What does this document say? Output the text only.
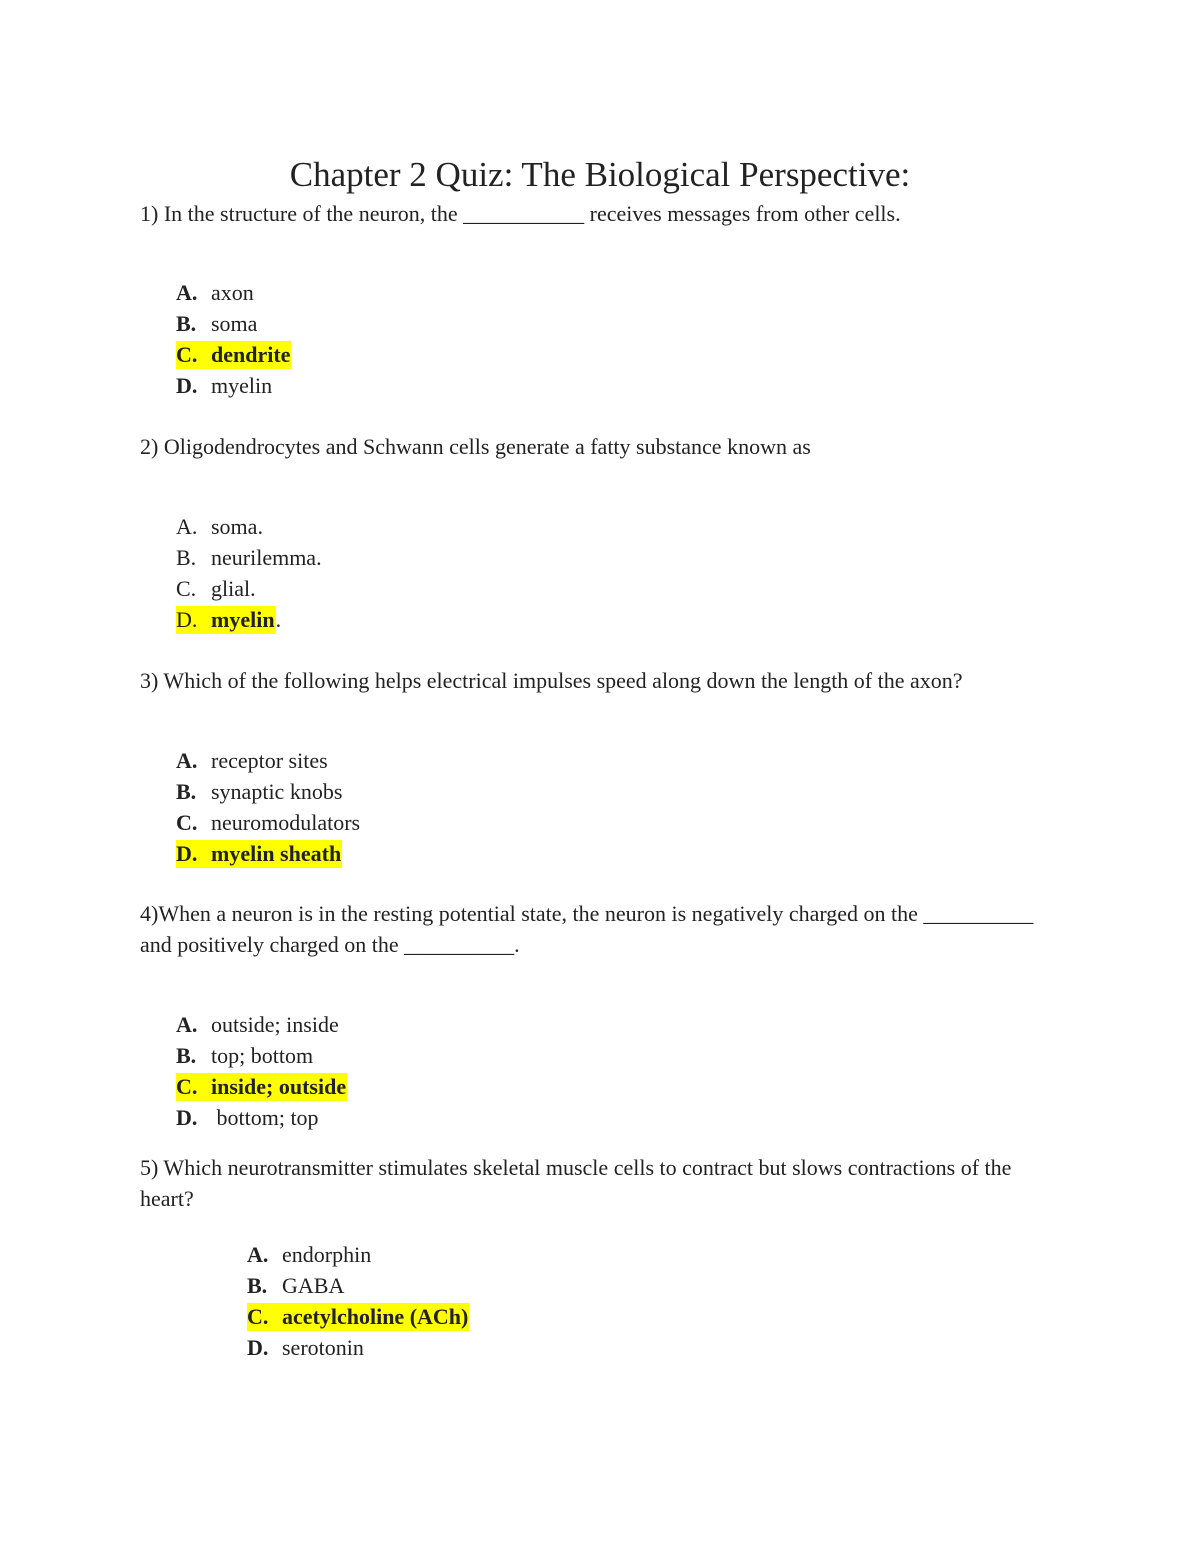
Chapter 2 Quiz: The Biological Perspective:
1) In the structure of the neuron, the ___________ receives messages from other cells.
A. axon
B. soma
C. dendrite
D. myelin
2) Oligodendrocytes and Schwann cells generate a fatty substance known as
A. soma.
B. neurilemma.
C. glial.
D. myelin.
3) Which of the following helps electrical impulses speed along down the length of the axon?
A. receptor sites
B. synaptic knobs
C. neuromodulators
D. myelin sheath
4)When a neuron is in the resting potential state, the neuron is negatively charged on the __________ and positively charged on the __________.
A. outside; inside
B. top; bottom
C. inside; outside
D. bottom; top
5) Which neurotransmitter stimulates skeletal muscle cells to contract but slows contractions of the heart?
A. endorphin
B. GABA
C. acetylcholine (ACh)
D. serotonin
